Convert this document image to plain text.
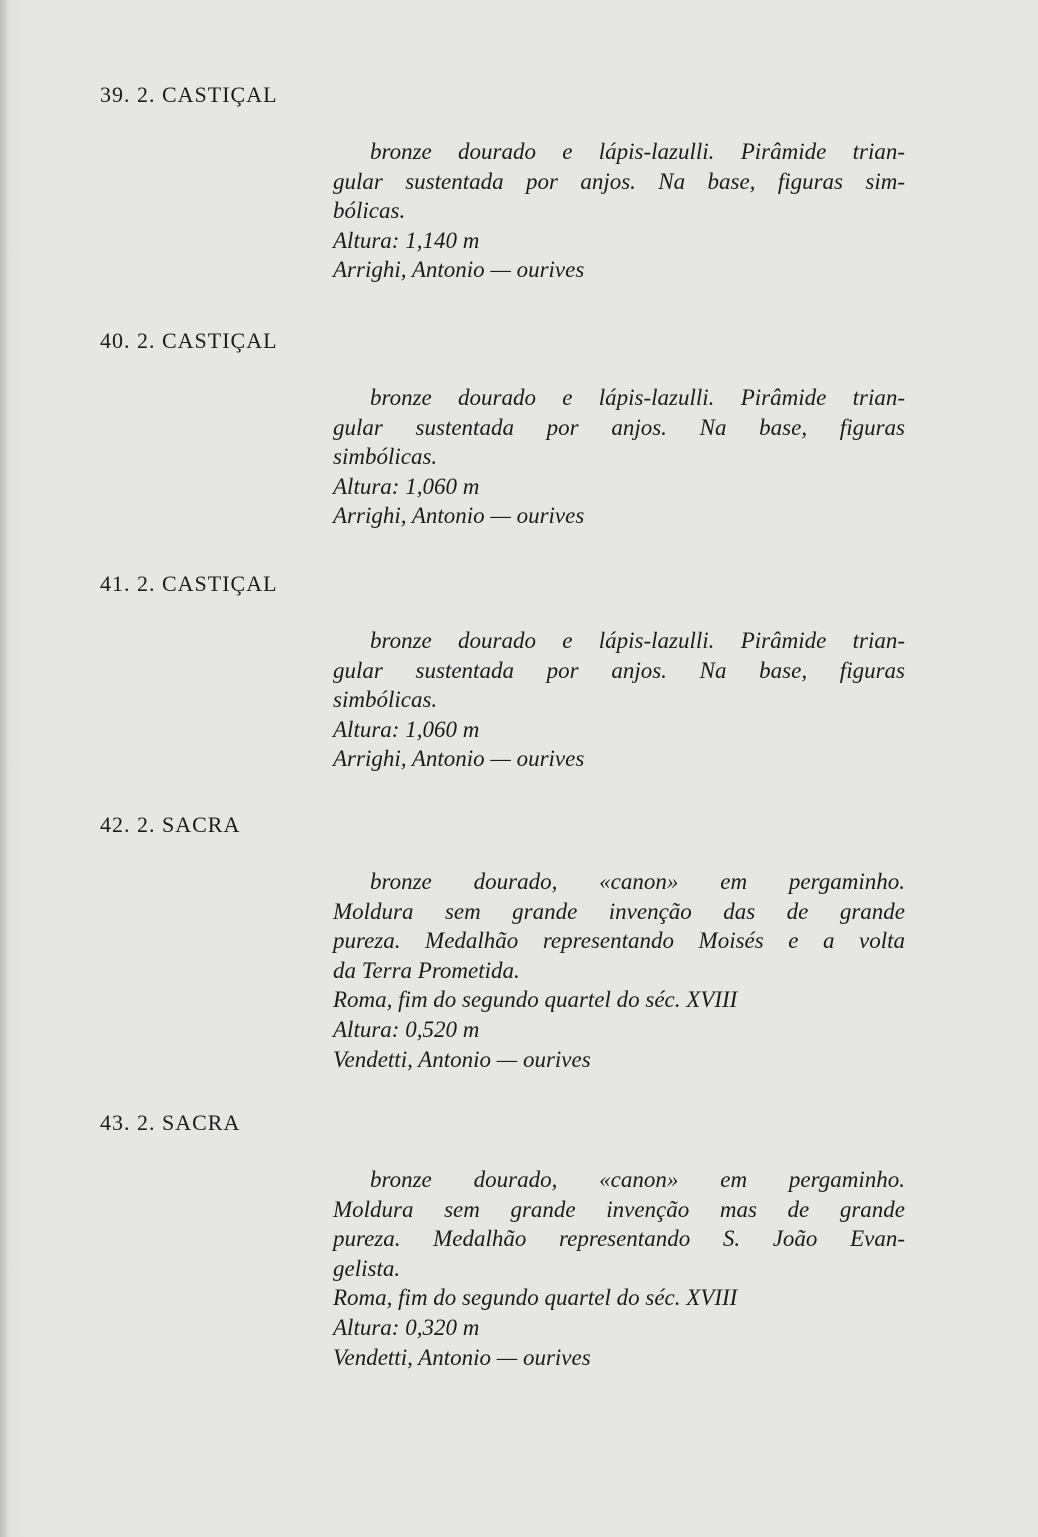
39. 2. CASTIÇAL
bronze dourado e lápis-lazulli. Pirâmide trian-
gular sustentada por anjos. Na base, figuras sim-
bólicas.
Altura: 1,140 m
Arrighi, Antonio — ourives
40. 2. CASTIÇAL
bronze dourado e lápis-lazulli. Pirâmide trian-
gular sustentada por anjos. Na base, figuras
simbólicas.
Altura: 1,060 m
Arrighi, Antonio — ourives
41. 2. CASTIÇAL
bronze dourado e lápis-lazulli. Pirâmide trian-
gular sustentada por anjos. Na base, figuras
simbólicas.
Altura: 1,060 m
Arrighi, Antonio — ourives
42. 2. SACRA
bronze dourado, «canon» em pergaminho.
Moldura sem grande invenção das de grande
pureza. Medalhão representando Moisés e a volta
da Terra Prometida.
Roma, fim do segundo quartel do séc. XVIII
Altura: 0,520 m
Vendetti, Antonio — ourives
43. 2. SACRA
bronze dourado, «canon» em pergaminho.
Moldura sem grande invenção mas de grande
pureza. Medalhão representando S. João Evan-
gelista.
Roma, fim do segundo quartel do séc. XVIII
Altura: 0,320 m
Vendetti, Antonio — ourives
